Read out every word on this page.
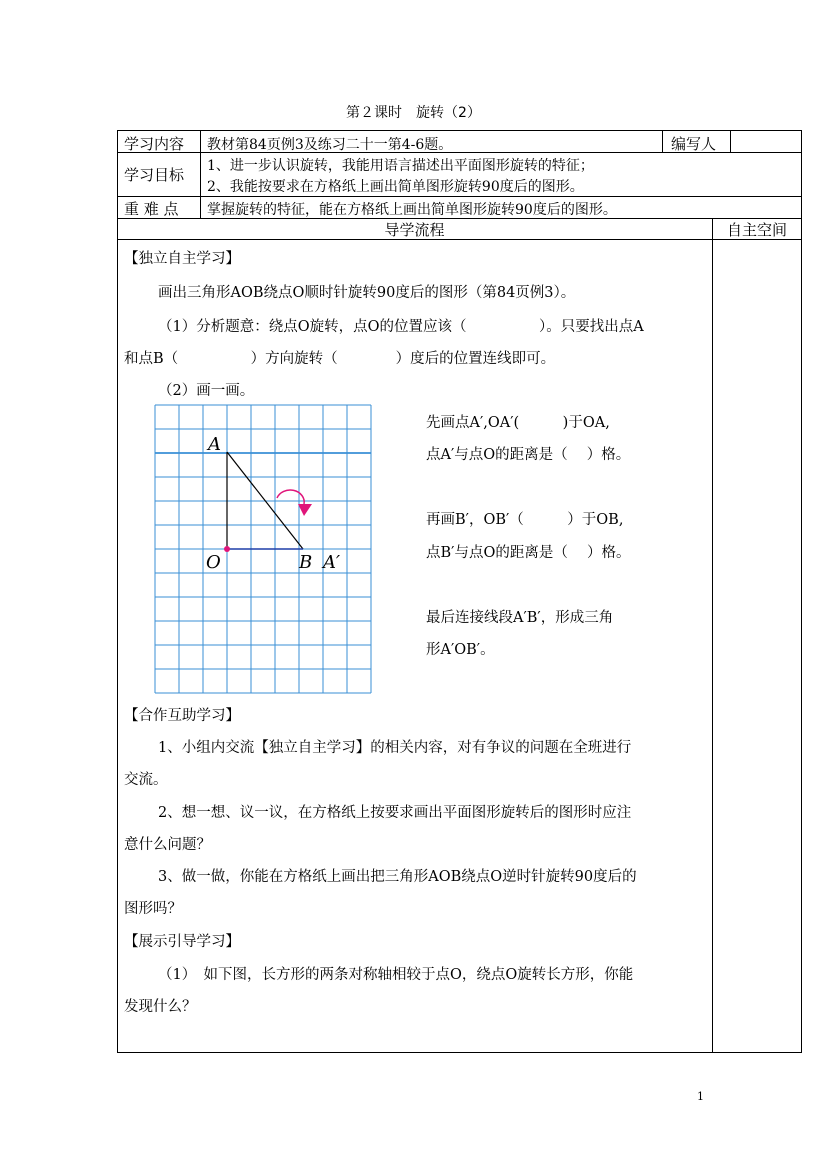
第２课时　旋转（2）
学习内容 教材第84页例3及练习二十一第4-6题。	编写人
学习目标 1、进一步认识旋转，我能用语言描述出平面图形旋转的特征；
2、我能按要求在方格纸上画出简单图形旋转90度后的图形。
重 难 点 掌握旋转的特征，能在方格纸上画出简单图形旋转90度后的图形。
导学流程	自主空间
【独立自主学习】
画出三角形AOB绕点O顺时针旋转90度后的图形（第84页例3）。
（1）分析题意：绕点O旋转，点O的位置应该（　　　　　）。只要找出点A
和点B（　　　　　）方向旋转（　　　　）度后的位置连线即可。
（2）画一画。
A
O	B A′
先画点A′,OA′(　　　)于OA,
点A′与点O的距离是（　 ）格。
再画B′，OB′（　　　）于OB,
点B′与点O的距离是（　 ）格。
最后连接线段A′B′，形成三角
形A′OB′。
【合作互助学习】
1、小组内交流【独立自主学习】的相关内容，对有争议的问题在全班进行
交流。
2、想一想、议一议，在方格纸上按要求画出平面图形旋转后的图形时应注
意什么问题？
3、做一做，你能在方格纸上画出把三角形AOB绕点O逆时针旋转90度后的
图形吗？
【展示引导学习】
（1）　如下图，长方形的两条对称轴相较于点O，绕点O旋转长方形，你能
发现什么？
1
